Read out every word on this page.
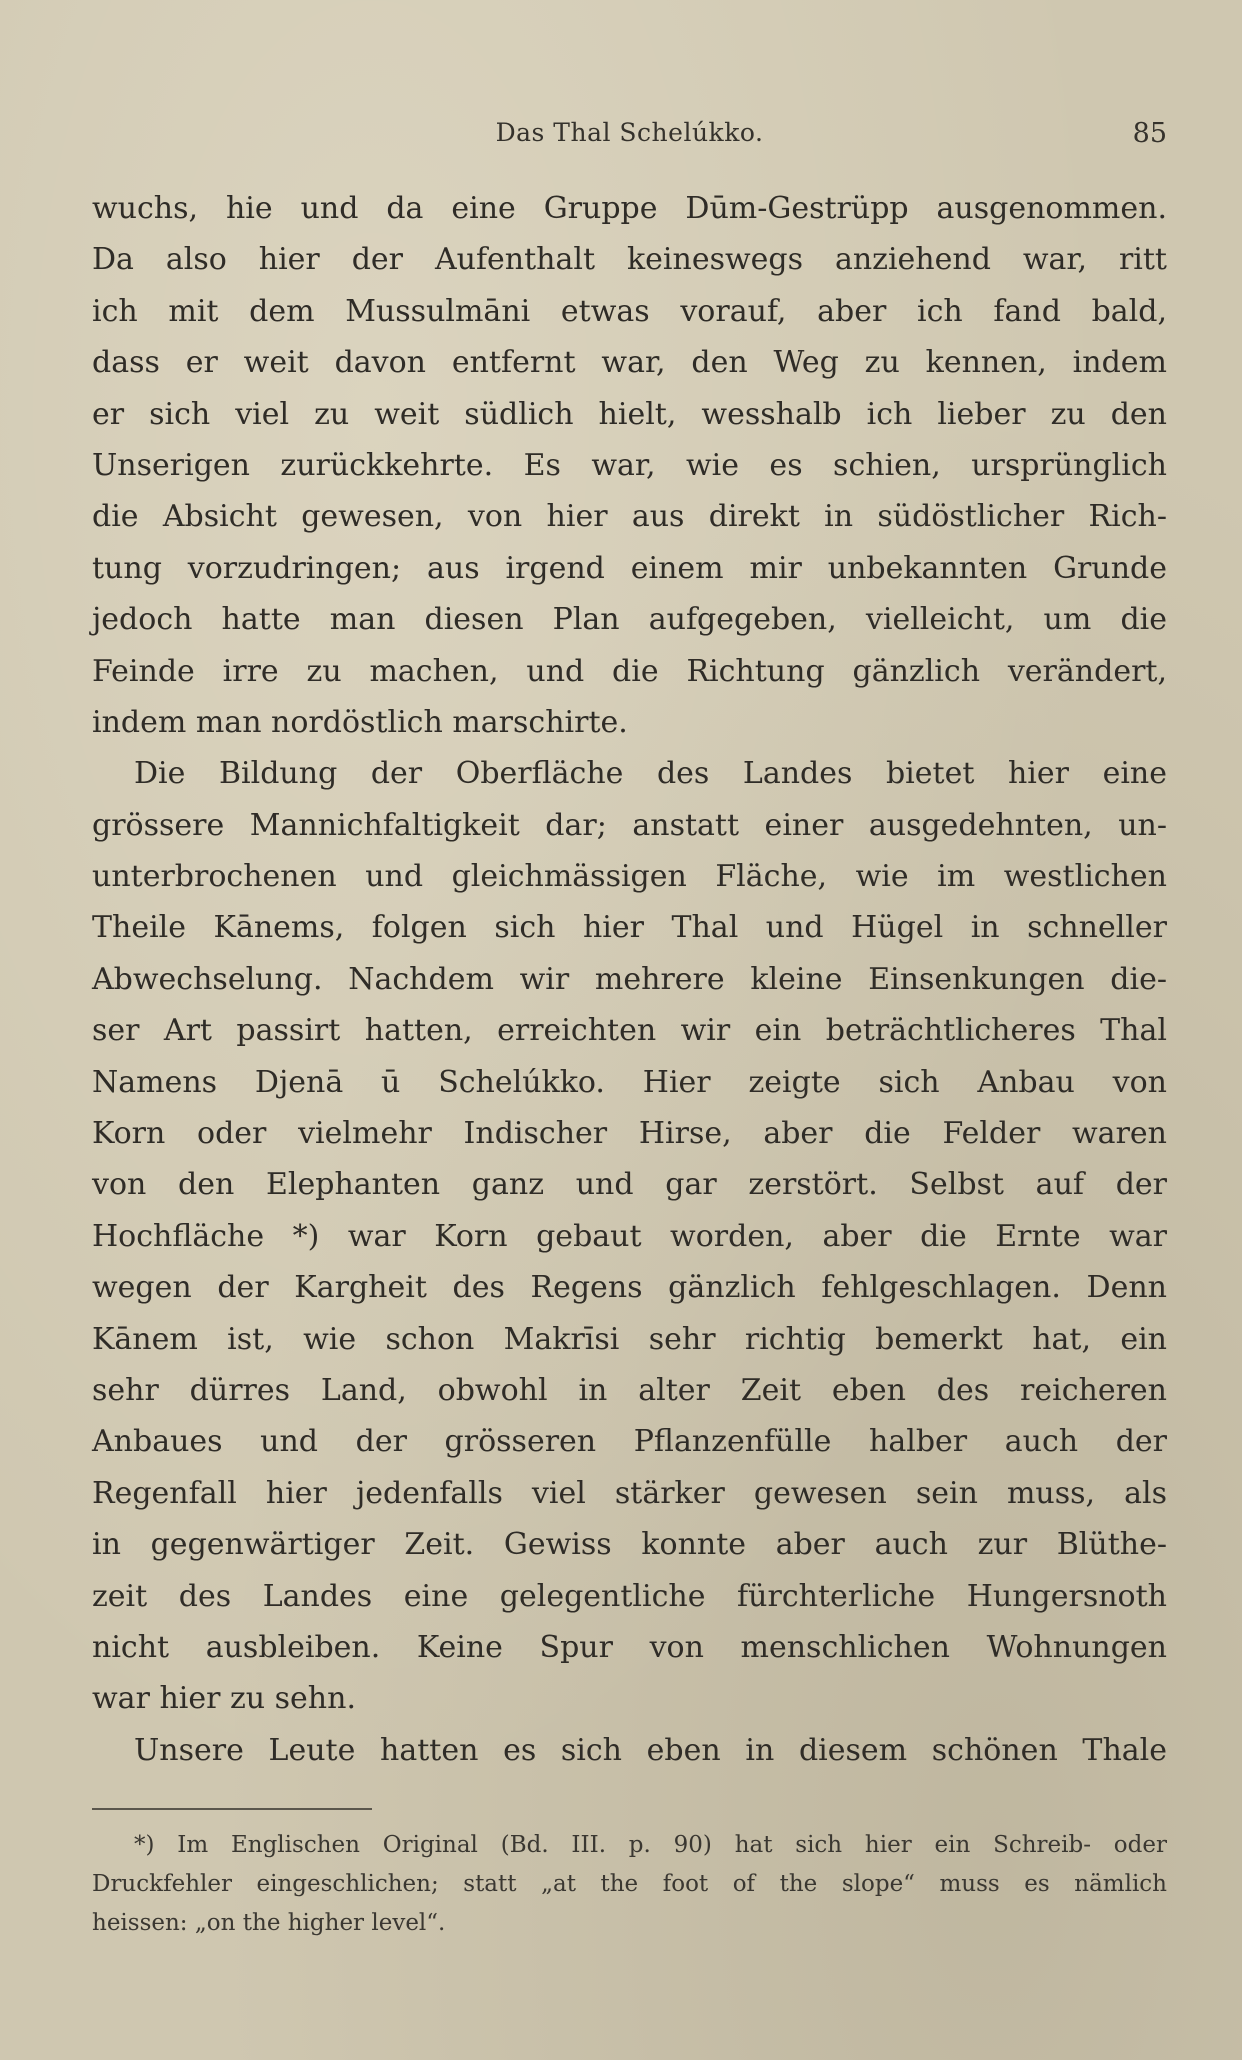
Das Thal Schelúkko.	85
wuchs, hie und da eine Gruppe Dūm-Gestrüpp ausgenommen.
Da also hier der Aufenthalt keineswegs anziehend war, ritt
ich mit dem Mussulmāni etwas vorauf, aber ich fand bald,
dass er weit davon entfernt war, den Weg zu kennen, indem
er sich viel zu weit südlich hielt, wesshalb ich lieber zu den
Unserigen zurückkehrte. Es war, wie es schien, ursprünglich
die Absicht gewesen, von hier aus direkt in südöstlicher Rich-
tung vorzudringen; aus irgend einem mir unbekannten Grunde
jedoch hatte man diesen Plan aufgegeben, vielleicht, um die
Feinde irre zu machen, und die Richtung gänzlich verändert,
indem man nordöstlich marschirte.
Die Bildung der Oberfläche des Landes bietet hier eine
grössere Mannichfaltigkeit dar; anstatt einer ausgedehnten, un-
unterbrochenen und gleichmässigen Fläche, wie im westlichen
Theile Kānems, folgen sich hier Thal und Hügel in schneller
Abwechselung. Nachdem wir mehrere kleine Einsenkungen die-
ser Art passirt hatten, erreichten wir ein beträchtlicheres Thal
Namens Djenā ū Schelúkko. Hier zeigte sich Anbau von
Korn oder vielmehr Indischer Hirse, aber die Felder waren
von den Elephanten ganz und gar zerstört. Selbst auf der
Hochfläche *) war Korn gebaut worden, aber die Ernte war
wegen der Kargheit des Regens gänzlich fehlgeschlagen. Denn
Kānem ist, wie schon Makrīsi sehr richtig bemerkt hat, ein
sehr dürres Land, obwohl in alter Zeit eben des reicheren
Anbaues und der grösseren Pflanzenfülle halber auch der
Regenfall hier jedenfalls viel stärker gewesen sein muss, als
in gegenwärtiger Zeit. Gewiss konnte aber auch zur Blüthe-
zeit des Landes eine gelegentliche fürchterliche Hungersnoth
nicht ausbleiben. Keine Spur von menschlichen Wohnungen
war hier zu sehn.
Unsere Leute hatten es sich eben in diesem schönen Thale
*) Im Englischen Original (Bd. III. p. 90) hat sich hier ein Schreib- oder
Druckfehler eingeschlichen; statt „at the foot of the slope“ muss es nämlich
heissen: „on the higher level“.
